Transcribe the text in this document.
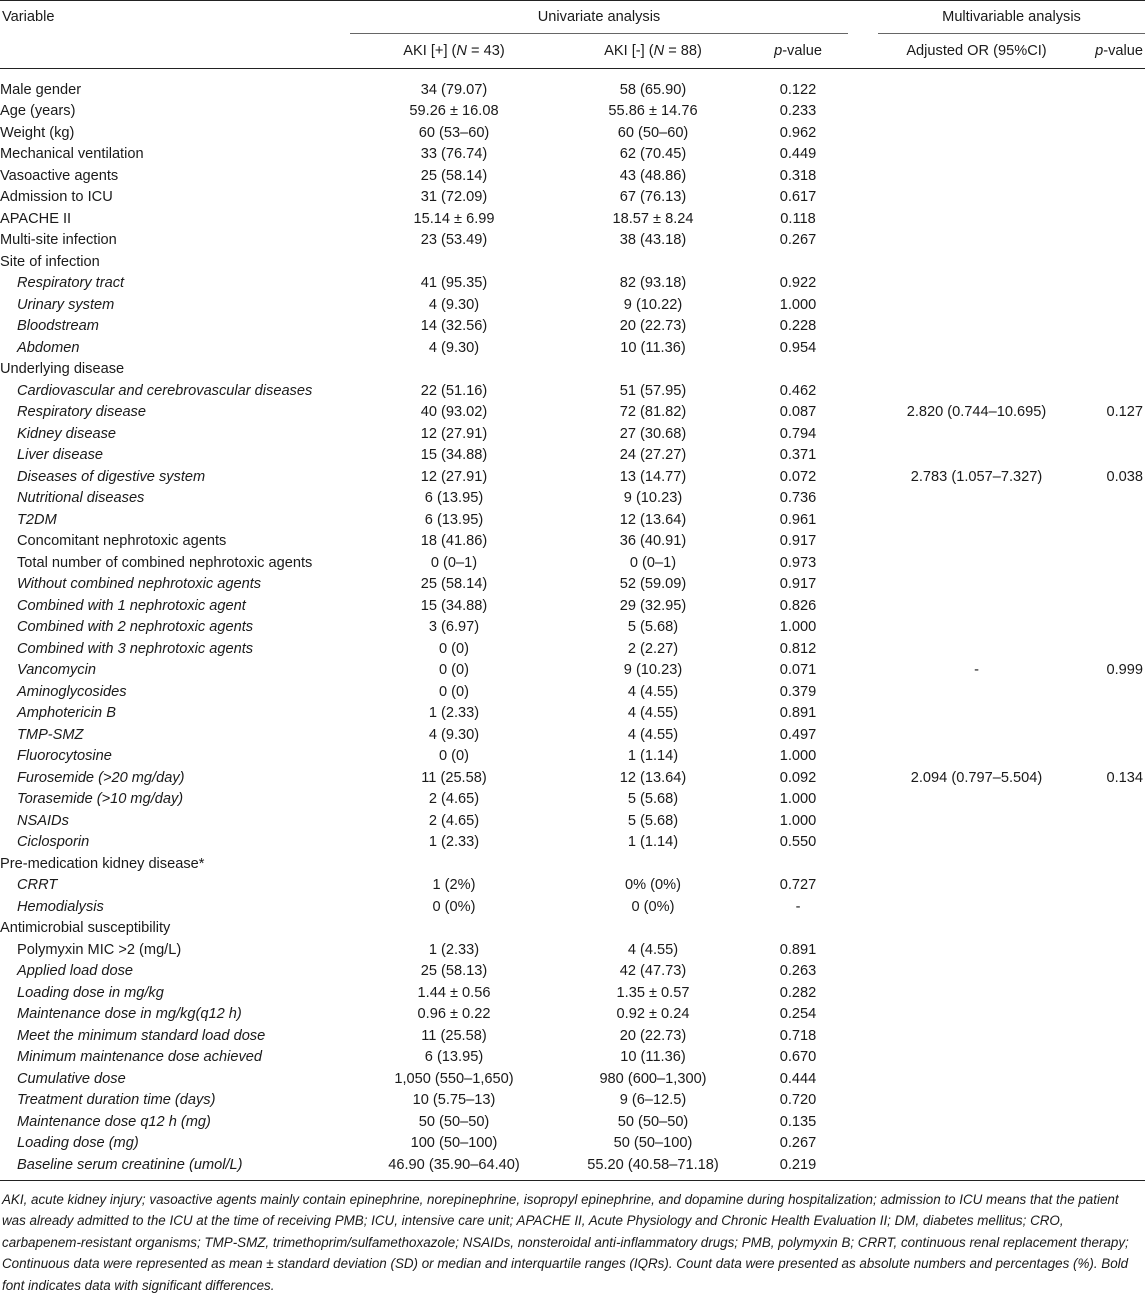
Variable	Univariate analysis				Multivariable analysis	
	AKI [+] (N = 43)	AKI [-] (N = 88)	p-value		Adjusted OR (95%CI)	p-value

Male gender	34 (79.07)	58 (65.90)	0.122			
Age (years)	59.26 ± 16.08	55.86 ± 14.76	0.233			
Weight (kg)	60 (53–60)	60 (50–60)	0.962			
Mechanical ventilation	33 (76.74)	62 (70.45)	0.449			
Vasoactive agents	25 (58.14)	43 (48.86)	0.318			
Admission to ICU	31 (72.09)	67 (76.13)	0.617			
APACHE II	15.14 ± 6.99	18.57 ± 8.24	0.118			
Multi-site infection	23 (53.49)	38 (43.18)	0.267			
Site of infection						
Respiratory tract	41 (95.35)	82 (93.18)	0.922			
Urinary system	4 (9.30)	9 (10.22)	1.000			
Bloodstream	14 (32.56)	20 (22.73)	0.228			
Abdomen	4 (9.30)	10 (11.36)	0.954			
Underlying disease						
Cardiovascular and cerebrovascular diseases	22 (51.16)	51 (57.95)	0.462			
Respiratory disease	40 (93.02)	72 (81.82)	0.087		2.820 (0.744–10.695)	0.127
Kidney disease	12 (27.91)	27 (30.68)	0.794			
Liver disease	15 (34.88)	24 (27.27)	0.371			
Diseases of digestive system	12 (27.91)	13 (14.77)	0.072		2.783 (1.057–7.327)	0.038
Nutritional diseases	6 (13.95)	9 (10.23)	0.736			
T2DM	6 (13.95)	12 (13.64)	0.961			
Concomitant nephrotoxic agents	18 (41.86)	36 (40.91)	0.917			
Total number of combined nephrotoxic agents	0 (0–1)	0 (0–1)	0.973			
Without combined nephrotoxic agents	25 (58.14)	52 (59.09)	0.917			
Combined with 1 nephrotoxic agent	15 (34.88)	29 (32.95)	0.826			
Combined with 2 nephrotoxic agents	3 (6.97)	5 (5.68)	1.000			
Combined with 3 nephrotoxic agents	0 (0)	2 (2.27)	0.812			
Vancomycin	0 (0)	9 (10.23)	0.071		-	0.999
Aminoglycosides	0 (0)	4 (4.55)	0.379			
Amphotericin B	1 (2.33)	4 (4.55)	0.891			
TMP-SMZ	4 (9.30)	4 (4.55)	0.497			
Fluorocytosine	0 (0)	1 (1.14)	1.000			
Furosemide (>20 mg/day)	11 (25.58)	12 (13.64)	0.092		2.094 (0.797–5.504)	0.134
Torasemide (>10 mg/day)	2 (4.65)	5 (5.68)	1.000			
NSAIDs	2 (4.65)	5 (5.68)	1.000			
Ciclosporin	1 (2.33)	1 (1.14)	0.550			
Pre-medication kidney disease*						
CRRT	1 (2%)	0% (0%)	0.727			
Hemodialysis	0 (0%)	0 (0%)	-			
Antimicrobial susceptibility						
Polymyxin MIC >2 (mg/L)	1 (2.33)	4 (4.55)	0.891			
Applied load dose	25 (58.13)	42 (47.73)	0.263			
Loading dose in mg/kg	1.44 ± 0.56	1.35 ± 0.57	0.282			
Maintenance dose in mg/kg(q12 h)	0.96 ± 0.22	0.92 ± 0.24	0.254			
Meet the minimum standard load dose	11 (25.58)	20 (22.73)	0.718			
Minimum maintenance dose achieved	6 (13.95)	10 (11.36)	0.670			
Cumulative dose	1,050 (550–1,650)	980 (600–1,300)	0.444			
Treatment duration time (days)	10 (5.75–13)	9 (6–12.5)	0.720			
Maintenance dose q12 h (mg)	50 (50–50)	50 (50–50)	0.135			
Loading dose (mg)	100 (50–100)	50 (50–100)	0.267			
Baseline serum creatinine (umol/L)	46.90 (35.90–64.40)	55.20 (40.58–71.18)	0.219			

AKI, acute kidney injury; vasoactive agents mainly contain epinephrine, norepinephrine, isopropyl epinephrine, and dopamine during hospitalization; admission to ICU means that the patient was already admitted to the ICU at the time of receiving PMB; ICU, intensive care unit; APACHE II, Acute Physiology and Chronic Health Evaluation II; DM, diabetes mellitus; CRO, carbapenem-resistant organisms; TMP-SMZ, trimethoprim/sulfamethoxazole; NSAIDs, nonsteroidal anti-inflammatory drugs; PMB, polymyxin B; CRRT, continuous renal replacement therapy; Continuous data were represented as mean ± standard deviation (SD) or median and interquartile ranges (IQRs). Count data were presented as absolute numbers and percentages (%). Bold font indicates data with significant differences.
